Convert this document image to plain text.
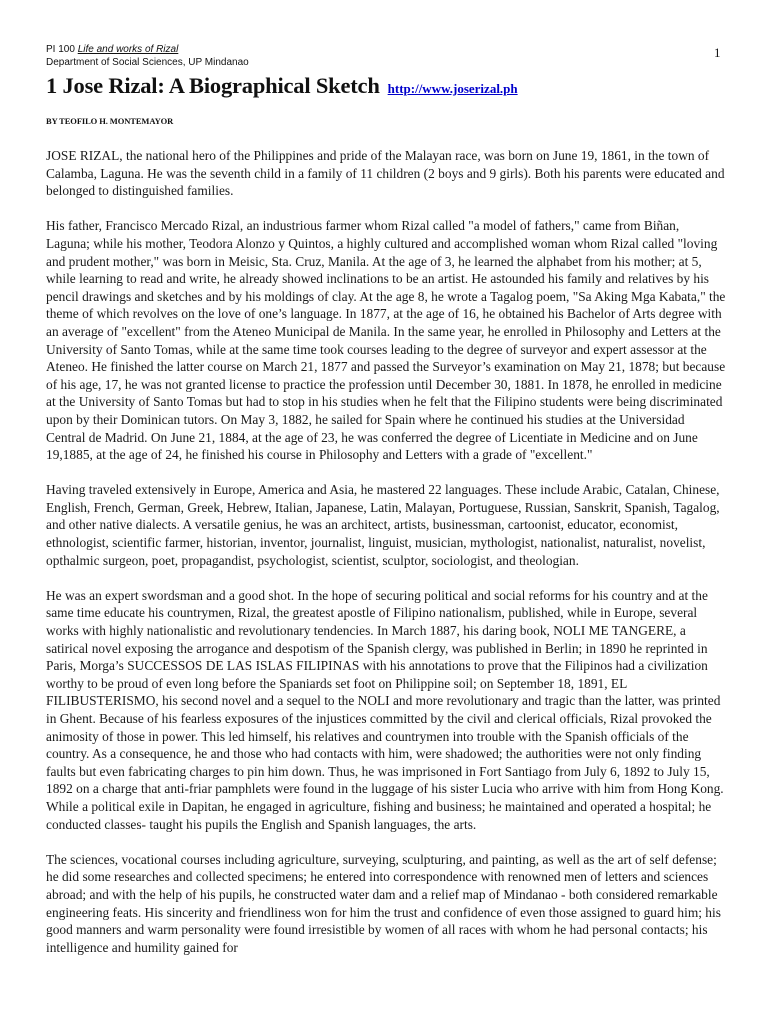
PI 100 Life and works of Rizal
Department of Social Sciences, UP Mindanao
1
1 Jose Rizal: A Biographical Sketch http://www.joserizal.ph
BY TEOFILO H. MONTEMAYOR

JOSE RIZAL, the national hero of the Philippines and pride of the Malayan race, was born on June 19, 1861, in the town of Calamba, Laguna. He was the seventh child in a family of 11 children (2 boys and 9 girls). Both his parents were educated and belonged to distinguished families.

His father, Francisco Mercado Rizal, an industrious farmer whom Rizal called "a model of fathers," came from Biñan, Laguna; while his mother, Teodora Alonzo y Quintos, a highly cultured and accomplished woman whom Rizal called "loving and prudent mother," was born in Meisic, Sta. Cruz, Manila. At the age of 3, he learned the alphabet from his mother; at 5, while learning to read and write, he already showed inclinations to be an artist. He astounded his family and relatives by his pencil drawings and sketches and by his moldings of clay. At the age 8, he wrote a Tagalog poem, "Sa Aking Mga Kabata," the theme of which revolves on the love of one’s language. In 1877, at the age of 16, he obtained his Bachelor of Arts degree with an average of "excellent" from the Ateneo Municipal de Manila. In the same year, he enrolled in Philosophy and Letters at the University of Santo Tomas, while at the same time took courses leading to the degree of surveyor and expert assessor at the Ateneo. He finished the latter course on March 21, 1877 and passed the Surveyor’s examination on May 21, 1878; but because of his age, 17, he was not granted license to practice the profession until December 30, 1881. In 1878, he enrolled in medicine at the University of Santo Tomas but had to stop in his studies when he felt that the Filipino students were being discriminated upon by their Dominican tutors. On May 3, 1882, he sailed for Spain where he continued his studies at the Universidad Central de Madrid. On June 21, 1884, at the age of 23, he was conferred the degree of Licentiate in Medicine and on June 19,1885, at the age of 24, he finished his course in Philosophy and Letters with a grade of "excellent."

Having traveled extensively in Europe, America and Asia, he mastered 22 languages. These include Arabic, Catalan, Chinese, English, French, German, Greek, Hebrew, Italian, Japanese, Latin, Malayan, Portuguese, Russian, Sanskrit, Spanish, Tagalog, and other native dialects. A versatile genius, he was an architect, artists, businessman, cartoonist, educator, economist, ethnologist, scientific farmer, historian, inventor, journalist, linguist, musician, mythologist, nationalist, naturalist, novelist, opthalmic surgeon, poet, propagandist, psychologist, scientist, sculptor, sociologist, and theologian.

He was an expert swordsman and a good shot. In the hope of securing political and social reforms for his country and at the same time educate his countrymen, Rizal, the greatest apostle of Filipino nationalism, published, while in Europe, several works with highly nationalistic and revolutionary tendencies. In March 1887, his daring book, NOLI ME TANGERE, a satirical novel exposing the arrogance and despotism of the Spanish clergy, was published in Berlin; in 1890 he reprinted in Paris, Morga’s SUCCESSOS DE LAS ISLAS FILIPINAS with his annotations to prove that the Filipinos had a civilization worthy to be proud of even long before the Spaniards set foot on Philippine soil; on September 18, 1891, EL FILIBUSTERISMO, his second novel and a sequel to the NOLI and more revolutionary and tragic than the latter, was printed in Ghent. Because of his fearless exposures of the injustices committed by the civil and clerical officials, Rizal provoked the animosity of those in power. This led himself, his relatives and countrymen into trouble with the Spanish officials of the country. As a consequence, he and those who had contacts with him, were shadowed; the authorities were not only finding faults but even fabricating charges to pin him down. Thus, he was imprisoned in Fort Santiago from July 6, 1892 to July 15, 1892 on a charge that anti-friar pamphlets were found in the luggage of his sister Lucia who arrive with him from Hong Kong. While a political exile in Dapitan, he engaged in agriculture, fishing and business; he maintained and operated a hospital; he conducted classes- taught his pupils the English and Spanish languages, the arts.

The sciences, vocational courses including agriculture, surveying, sculpturing, and painting, as well as the art of self defense; he did some researches and collected specimens; he entered into correspondence with renowned men of letters and sciences abroad; and with the help of his pupils, he constructed water dam and a relief map of Mindanao - both considered remarkable engineering feats. His sincerity and friendliness won for him the trust and confidence of even those assigned to guard him; his good manners and warm personality were found irresistible by women of all races with whom he had personal contacts; his intelligence and humility gained for
